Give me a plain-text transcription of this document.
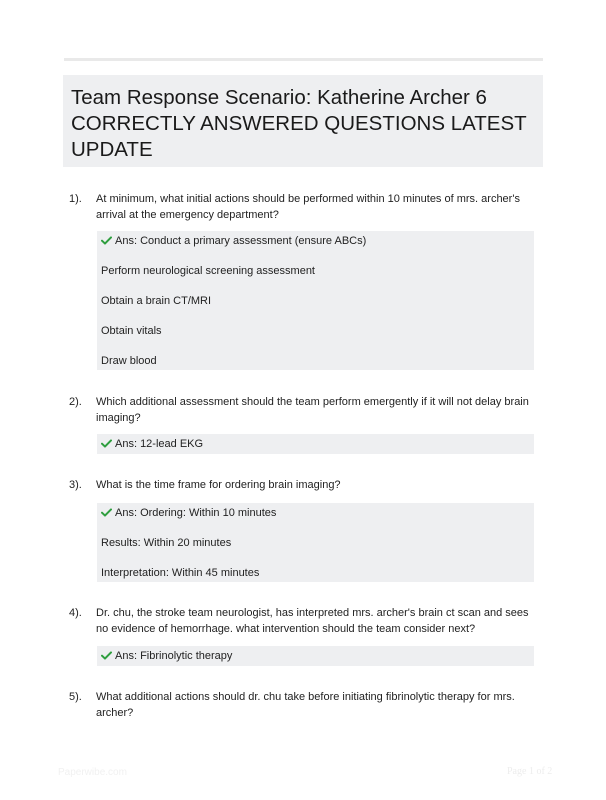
Team Response Scenario: Katherine Archer 6 CORRECTLY ANSWERED QUESTIONS LATEST UPDATE
1). At minimum, what initial actions should be performed within 10 minutes of mrs. archer's arrival at the emergency department?
Ans: Conduct a primary assessment (ensure ABCs)
Perform neurological screening assessment
Obtain a brain CT/MRI
Obtain vitals
Draw blood
2). Which additional assessment should the team perform emergently if it will not delay brain imaging?
Ans: 12-lead EKG
3). What is the time frame for ordering brain imaging?
Ans: Ordering: Within 10 minutes
Results: Within 20 minutes
Interpretation: Within 45 minutes
4). Dr. chu, the stroke team neurologist, has interpreted mrs. archer's brain ct scan and sees no evidence of hemorrhage. what intervention should the team consider next?
Ans: Fibrinolytic therapy
5). What additional actions should dr. chu take before initiating fibrinolytic therapy for mrs. archer?
Paperwibe.com	Page 1 of 2
